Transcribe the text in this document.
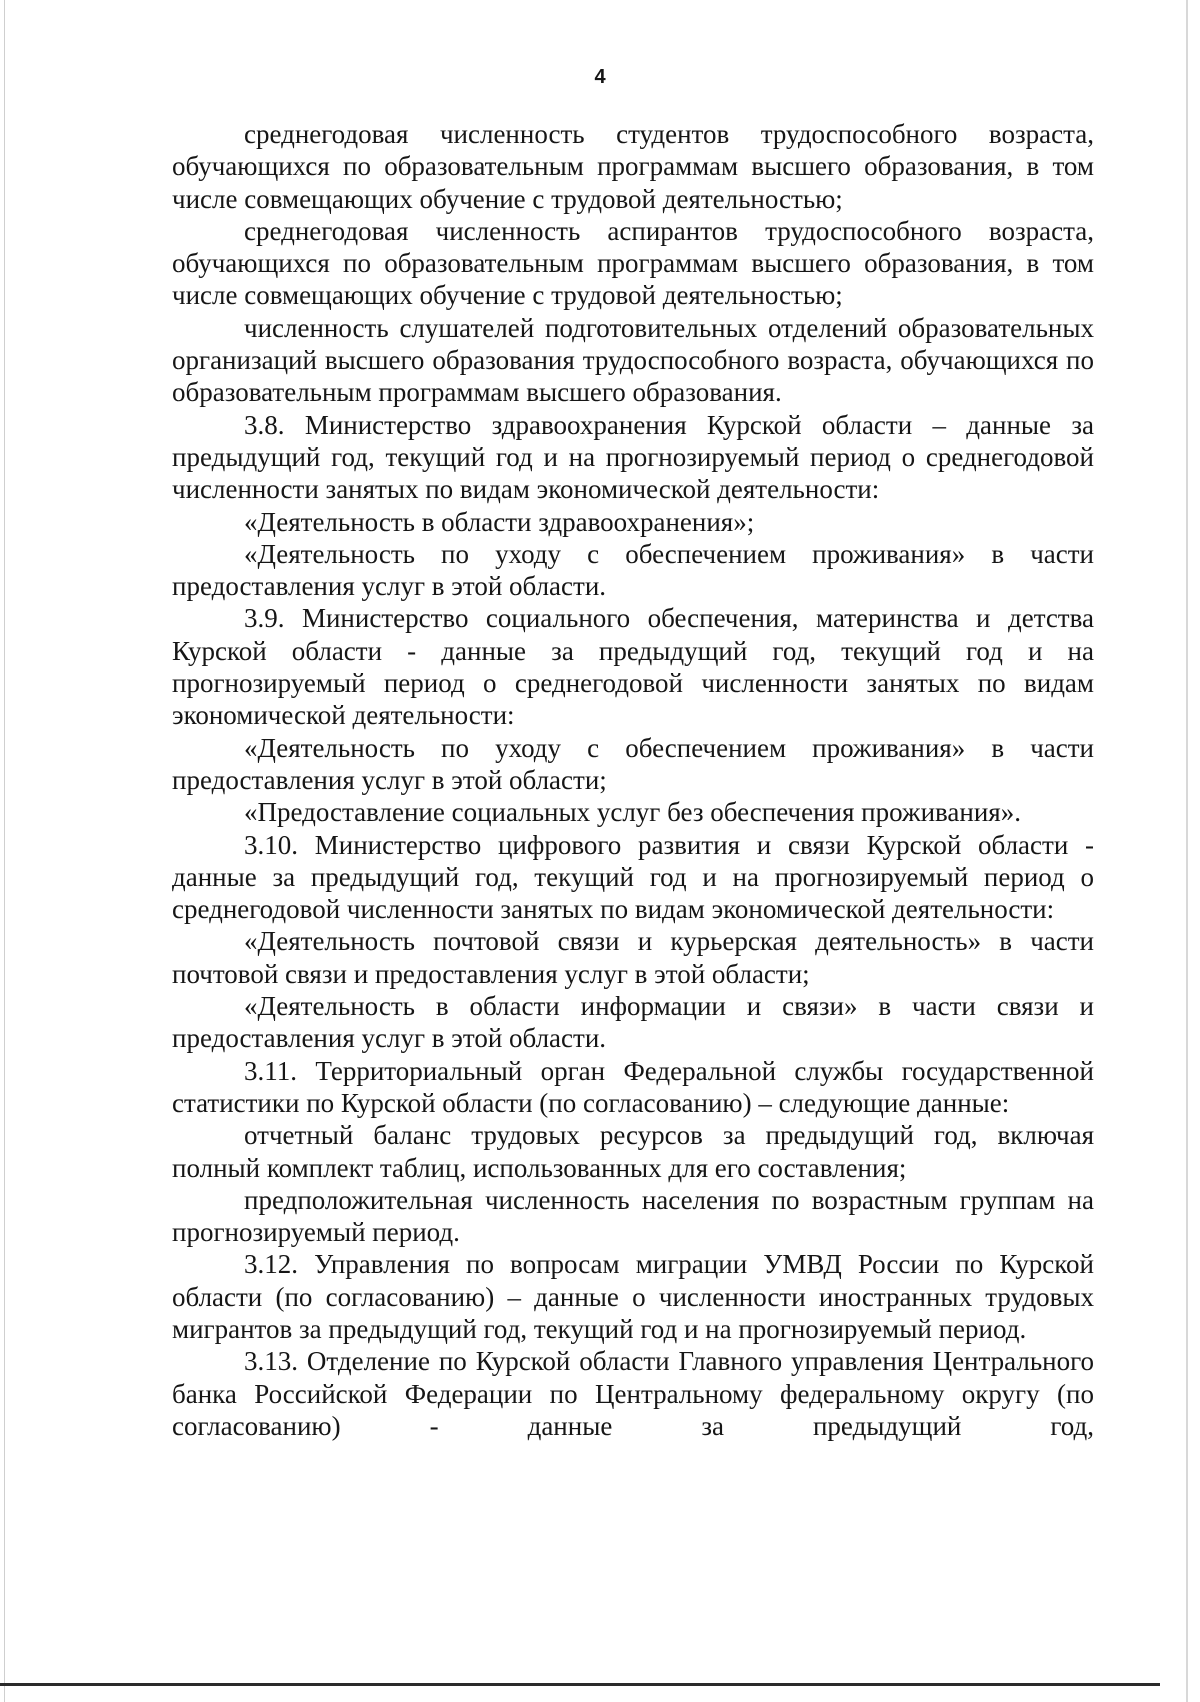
4

среднегодовая численность студентов трудоспособного возраста, обучающихся по образовательным программам высшего образования, в том числе совмещающих обучение с трудовой деятельностью;

среднегодовая численность аспирантов трудоспособного возраста, обучающихся по образовательным программам высшего образования, в том числе совмещающих обучение с трудовой деятельностью;

численность слушателей подготовительных отделений образовательных организаций высшего образования трудоспособного возраста, обучающихся по образовательным программам высшего образования.

3.8. Министерство здравоохранения Курской области – данные за предыдущий год, текущий год и на прогнозируемый период о среднегодовой численности занятых по видам экономической деятельности:

«Деятельность в области здравоохранения»;

«Деятельность по уходу с обеспечением проживания» в части предоставления услуг в этой области.

3.9. Министерство социального обеспечения, материнства и детства Курской области - данные за предыдущий год, текущий год и на прогнозируемый период о среднегодовой численности занятых по видам экономической деятельности:

«Деятельность по уходу с обеспечением проживания» в части предоставления услуг в этой области;

«Предоставление социальных услуг без обеспечения проживания».

3.10. Министерство цифрового развития и связи Курской области - данные за предыдущий год, текущий год и на прогнозируемый период о среднегодовой численности занятых по видам экономической деятельности:

«Деятельность почтовой связи и курьерская деятельность» в части почтовой связи и предоставления услуг в этой области;

«Деятельность в области информации и связи» в части связи и предоставления услуг в этой области.

3.11. Территориальный орган Федеральной службы государственной статистики по Курской области (по согласованию) – следующие данные:

отчетный баланс трудовых ресурсов за предыдущий год, включая полный комплект таблиц, использованных для его составления;

предположительная численность населения по возрастным группам на прогнозируемый период.

3.12. Управления по вопросам миграции УМВД России по Курской области (по согласованию) – данные о численности иностранных трудовых мигрантов за предыдущий год, текущий год и на прогнозируемый период.

3.13. Отделение по Курской области Главного управления Центрального банка Российской Федерации по Центральному федеральному округу (по согласованию) - данные за предыдущий год,
